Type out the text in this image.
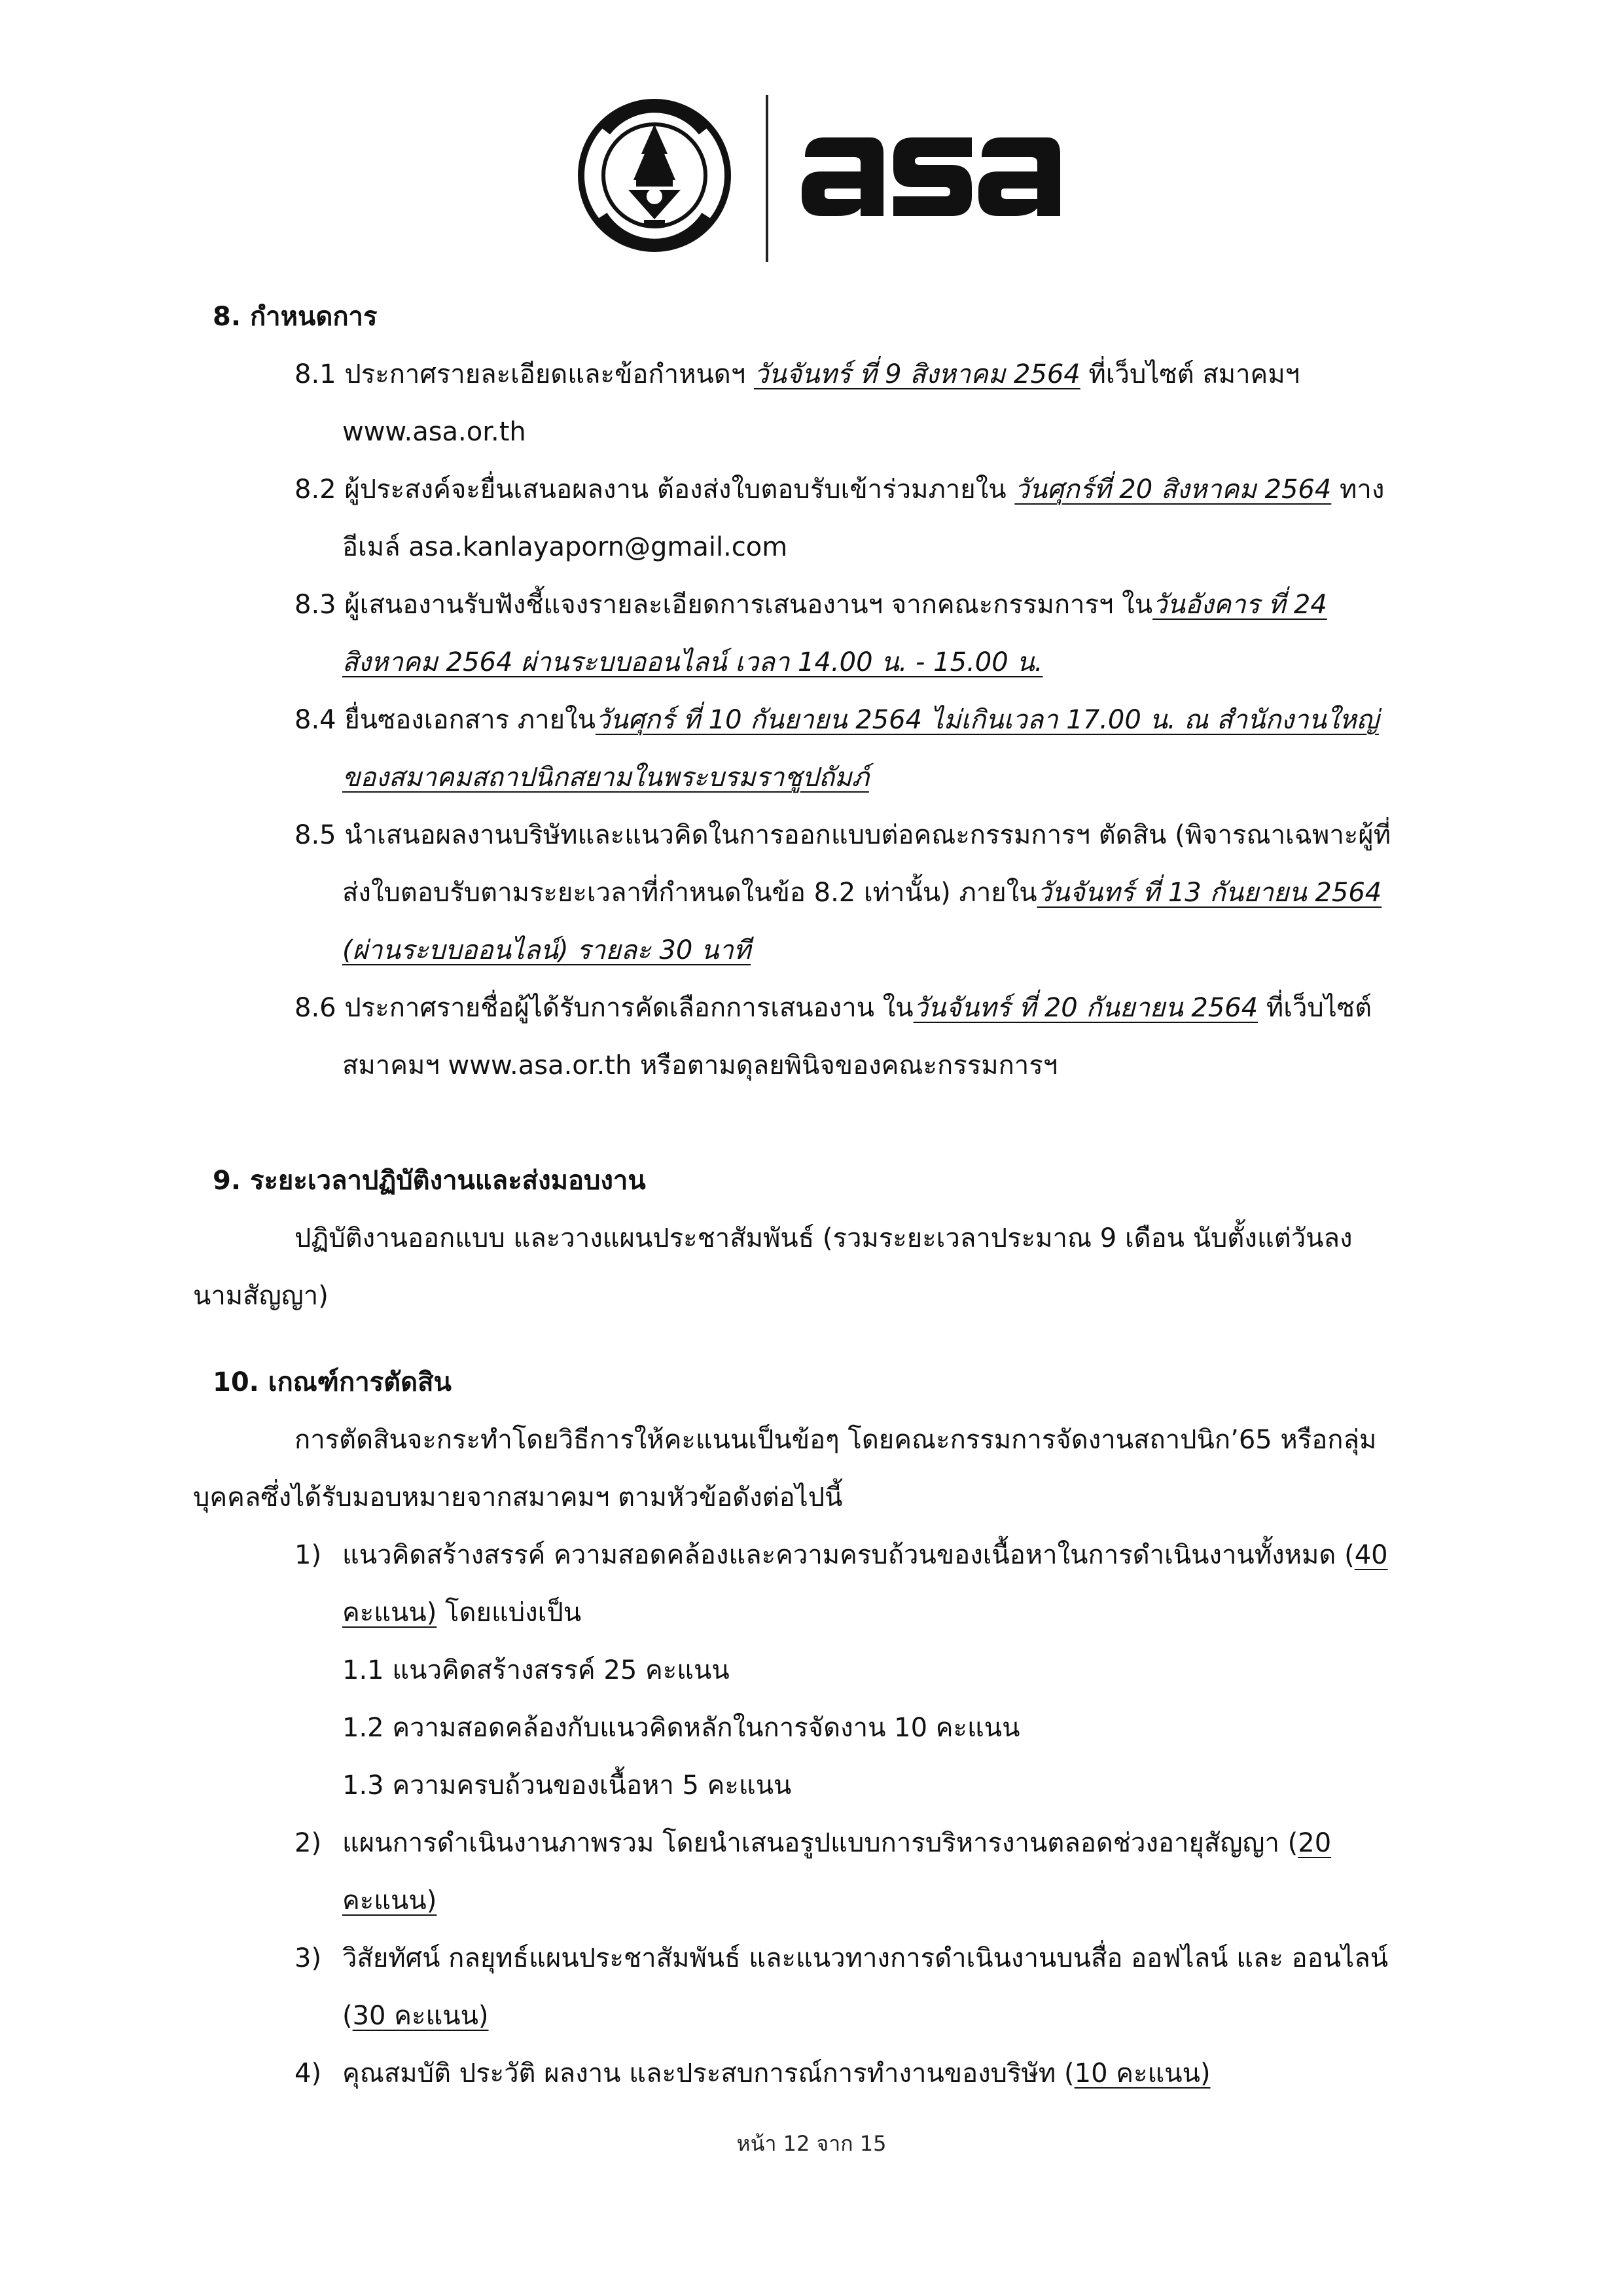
8. กำหนดการ
8.1 ประกาศรายละเอียดและข้อกำหนดฯ วันจันทร์ ที่ 9 สิงหาคม 2564 ที่เว็บไซต์ สมาคมฯ
www.asa.or.th
8.2 ผู้ประสงค์จะยื่นเสนอผลงาน ต้องส่งใบตอบรับเข้าร่วมภายใน วันศุกร์ที่ 20 สิงหาคม 2564 ทาง
อีเมล์ asa.kanlayaporn@gmail.com
8.3 ผู้เสนองานรับฟังชี้แจงรายละเอียดการเสนองานฯ จากคณะกรรมการฯ ในวันอังคาร ที่ 24
สิงหาคม 2564 ผ่านระบบออนไลน์ เวลา 14.00 น. - 15.00 น.
8.4 ยื่นซองเอกสาร ภายในวันศุกร์ ที่ 10 กันยายน 2564 ไม่เกินเวลา 17.00 น. ณ สำนักงานใหญ่
ของสมาคมสถาปนิกสยามในพระบรมราชูปถัมภ์
8.5 นำเสนอผลงานบริษัทและแนวคิดในการออกแบบต่อคณะกรรมการฯ ตัดสิน (พิจารณาเฉพาะผู้ที่
ส่งใบตอบรับตามระยะเวลาที่กำหนดในข้อ 8.2 เท่านั้น) ภายในวันจันทร์ ที่ 13 กันยายน 2564
(ผ่านระบบออนไลน์) รายละ 30 นาที
8.6 ประกาศรายชื่อผู้ได้รับการคัดเลือกการเสนองาน ในวันจันทร์ ที่ 20 กันยายน 2564 ที่เว็บไซต์
สมาคมฯ www.asa.or.th หรือตามดุลยพินิจของคณะกรรมการฯ
9. ระยะเวลาปฏิบัติงานและส่งมอบงาน
ปฏิบัติงานออกแบบ และวางแผนประชาสัมพันธ์ (รวมระยะเวลาประมาณ 9 เดือน นับตั้งแต่วันลง
นามสัญญา)
10. เกณฑ์การตัดสิน
การตัดสินจะกระทำโดยวิธีการให้คะแนนเป็นข้อๆ โดยคณะกรรมการจัดงานสถาปนิก’65 หรือกลุ่ม
บุคคลซึ่งได้รับมอบหมายจากสมาคมฯ ตามหัวข้อดังต่อไปนี้
1) แนวคิดสร้างสรรค์ ความสอดคล้องและความครบถ้วนของเนื้อหาในการดำเนินงานทั้งหมด (40
คะแนน) โดยแบ่งเป็น
1.1 แนวคิดสร้างสรรค์ 25 คะแนน
1.2 ความสอดคล้องกับแนวคิดหลักในการจัดงาน 10 คะแนน
1.3 ความครบถ้วนของเนื้อหา 5 คะแนน
2) แผนการดำเนินงานภาพรวม โดยนำเสนอรูปแบบการบริหารงานตลอดช่วงอายุสัญญา (20
คะแนน)
3) วิสัยทัศน์ กลยุทธ์แผนประชาสัมพันธ์ และแนวทางการดำเนินงานบนสื่อ ออฟไลน์ และ ออนไลน์
(30 คะแนน)
4) คุณสมบัติ ประวัติ ผลงาน และประสบการณ์การทำงานของบริษัท (10 คะแนน)
หน้า 12 จาก 15
